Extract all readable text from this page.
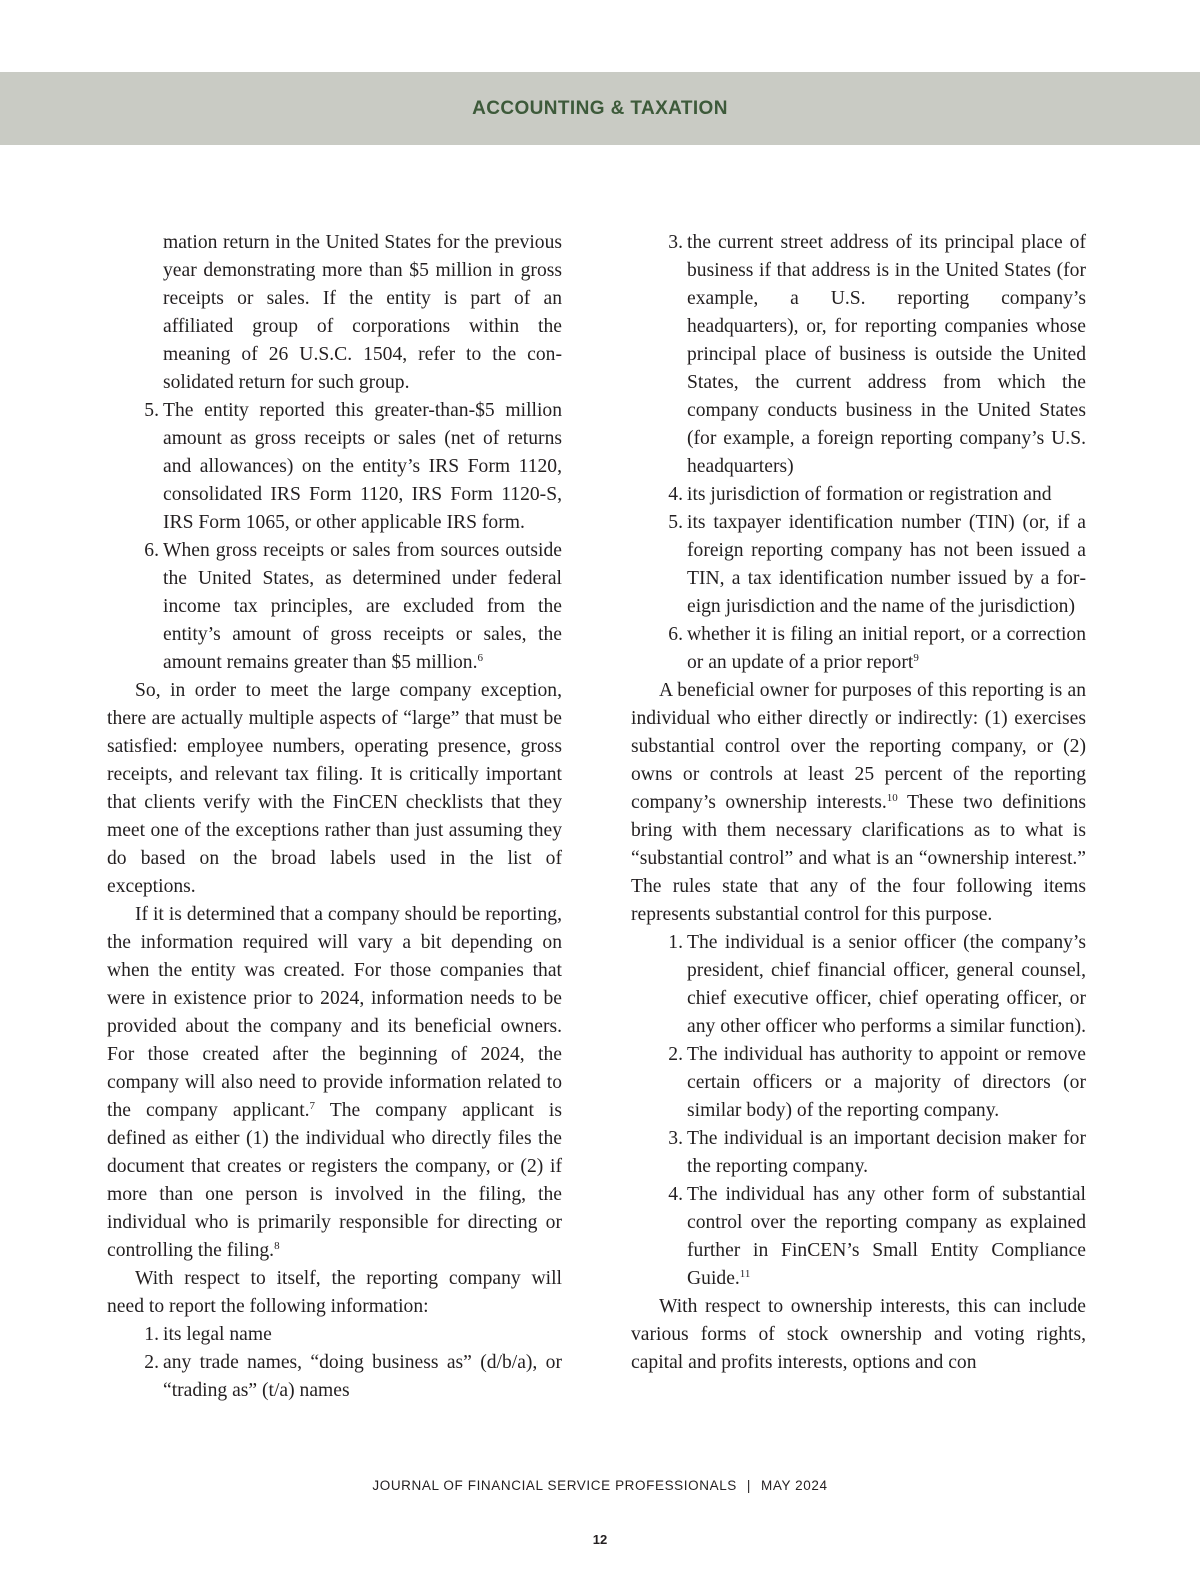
ACCOUNTING & TAXATION

mation return in the United States for the previous year demonstrating more than $5 million in gross receipts or sales. If the entity is part of an affiliated group of corporations within the meaning of 26 U.S.C. 1504, refer to the consolidated return for such group.

5. The entity reported this greater-than-$5 million amount as gross receipts or sales (net of returns and allowances) on the entity’s IRS Form 1120, consolidated IRS Form 1120, IRS Form 1120-S, IRS Form 1065, or other applicable IRS form.
6. When gross receipts or sales from sources outside the United States, as determined under federal income tax principles, are excluded from the entity’s amount of gross receipts or sales, the amount remains greater than $5 million.$^6$

So, in order to meet the large company exception, there are actually multiple aspects of “large” that must be satisfied: employee numbers, operating presence, gross receipts, and relevant tax filing. It is critically important that clients verify with the FinCEN checklists that they meet one of the exceptions rather than just assuming they do based on the broad labels used in the list of exceptions.

If it is determined that a company should be reporting, the information required will vary a bit depending on when the entity was created. For those companies that were in existence prior to 2024, information needs to be provided about the company and its beneficial owners. For those created after the beginning of 2024, the company will also need to provide information related to the company applicant.$^7$ The company applicant is defined as either (1) the individual who directly files the document that creates or registers the company, or (2) if more than one person is involved in the filing, the individual who is primarily responsible for directing or controlling the filing.$^8$

With respect to itself, the reporting company will need to report the following information:

1. its legal name
2. any trade names, “doing business as” (d/b/a), or “trading as” (t/a) names
3. the current street address of its principal place of business if that address is in the United States (for example, a U.S. reporting company’s headquarters), or, for reporting companies whose principal place of business is outside the United States, the current address from which the company conducts business in the United States (for example, a foreign reporting company’s U.S. headquarters)
4. its jurisdiction of formation or registration and
5. its taxpayer identification number (TIN) (or, if a foreign reporting company has not been issued a TIN, a tax identification number issued by a foreign jurisdiction and the name of the jurisdiction)
6. whether it is filing an initial report, or a correction or an update of a prior report$^9$

A beneficial owner for purposes of this reporting is an individual who either directly or indirectly: (1) exercises substantial control over the reporting company, or (2) owns or controls at least 25 percent of the reporting company’s ownership interests.$^{10}$ These two definitions bring with them necessary clarifications as to what is “substantial control” and what is an “ownership interest.” The rules state that any of the four following items represents substantial control for this purpose.

1. The individual is a senior officer (the company’s president, chief financial officer, general counsel, chief executive officer, chief operating officer, or any other officer who performs a similar function).
2. The individual has authority to appoint or remove certain officers or a majority of directors (or similar body) of the reporting company.
3. The individual is an important decision maker for the reporting company.
4. The individual has any other form of substantial control over the reporting company as explained further in FinCEN’s Small Entity Compliance Guide.$^{11}$

With respect to ownership interests, this can include various forms of stock ownership and voting rights, capital and profits interests, options and con

JOURNAL OF FINANCIAL SERVICE PROFESSIONALS | MAY 2024
12
